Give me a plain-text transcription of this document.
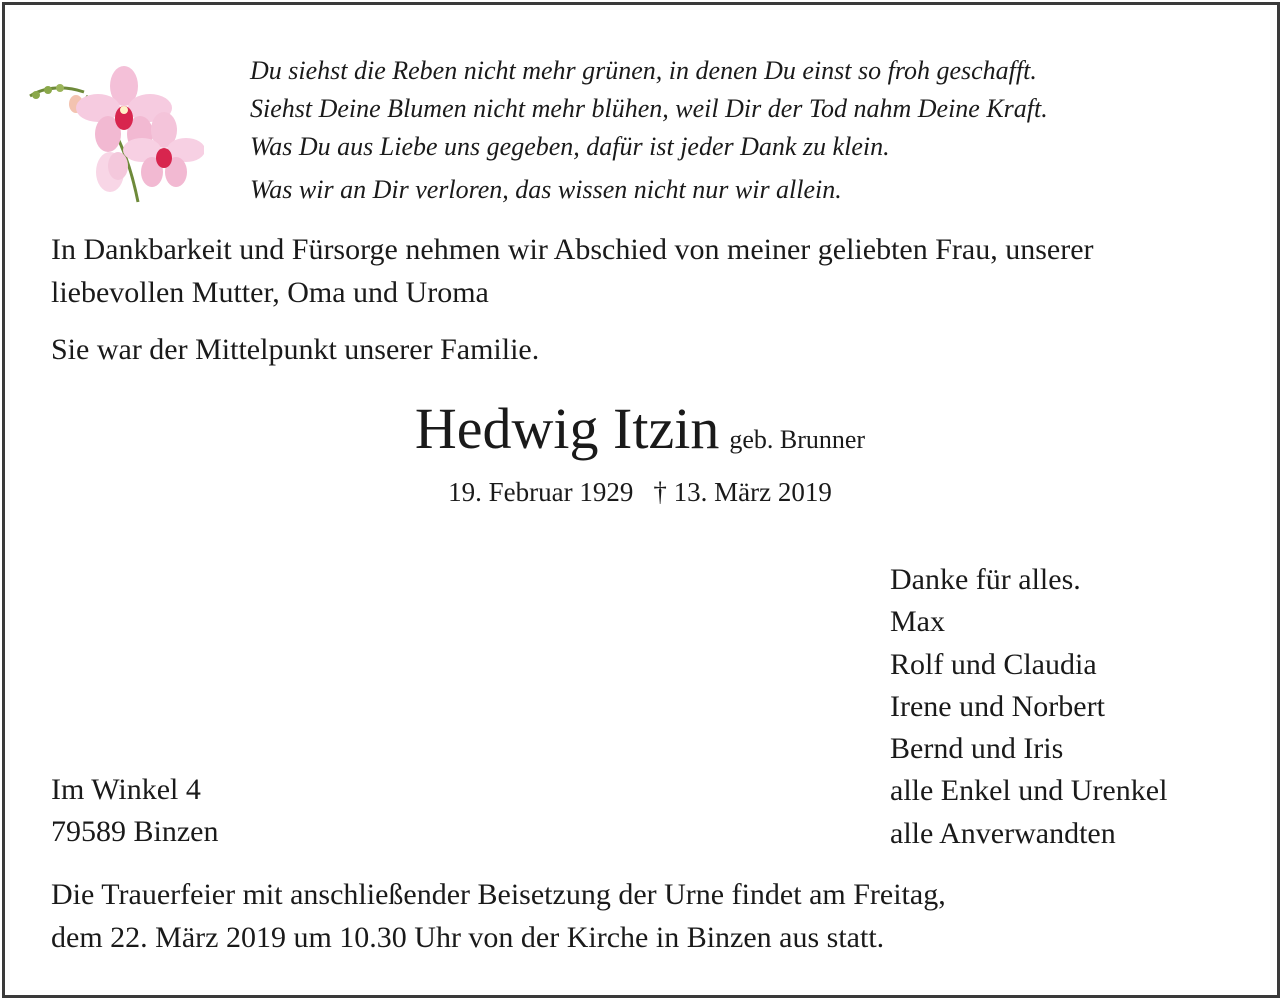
Du siehst die Reben nicht mehr grünen, in denen Du einst so froh geschafft.
Siehst Deine Blumen nicht mehr blühen, weil Dir der Tod nahm Deine Kraft.
Was Du aus Liebe uns gegeben, dafür ist jeder Dank zu klein.
Was wir an Dir verloren, das wissen nicht nur wir allein.
In Dankbarkeit und Fürsorge nehmen wir Abschied von meiner geliebten Frau, unserer
liebevollen Mutter, Oma und Uroma
Sie war der Mittelpunkt unserer Familie.
Hedwig Itzin geb. Brunner
19. Februar 1929 † 13. März 2019
Danke für alles.
Max
Rolf und Claudia
Irene und Norbert
Bernd und Iris
alle Enkel und Urenkel
alle Anverwandten
Im Winkel 4
79589 Binzen
Die Trauerfeier mit anschließender Beisetzung der Urne findet am Freitag,
dem 22. März 2019 um 10.30 Uhr von der Kirche in Binzen aus statt.
